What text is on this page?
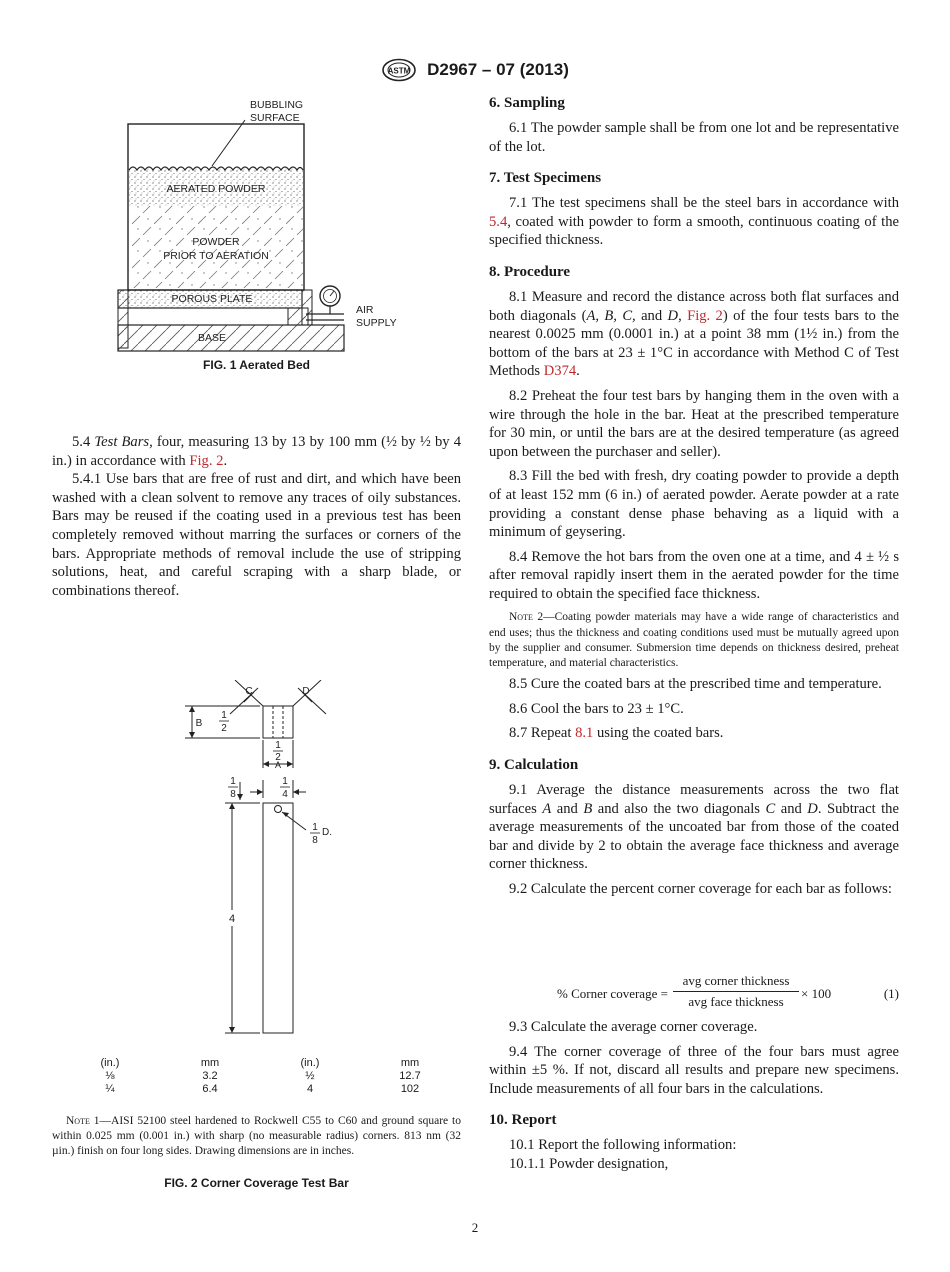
ASTM D2967 – 07 (2013)
BUBBLING
SURFACE
AERATED POWDER
POWDER
PRIOR TO AERATION
POROUS PLATE
AIR
SUPPLY
BASE
FIG. 1 Aerated Bed

5.4 Test Bars, four, measuring 13 by 13 by 100 mm (½ by ½ by 4 in.) in accordance with Fig. 2.

5.4.1 Use bars that are free of rust and dirt, and which have been washed with a clean solvent to remove any traces of oily substances. Bars may be reused if the coating used in a previous test has been completely removed without marring the surfaces or corners of the bars. Appropriate methods of removal include the use of stripping solutions, heat, and careful scraping with a sharp blade, or combinations thereof.

C	D
B
1
2
1
2
A
1
8
1
4
1
8
D.
4
(in.)	mm	(in.)	mm
⅛	3.2	½	12.7
¼	6.4	4	102
Note 1—AISI 52100 steel hardened to Rockwell C55 to C60 and ground square to within 0.025 mm (0.001 in.) with sharp (no measurable radius) corners. 813 nm (32 µin.) finish on four long sides. Drawing dimensions are in inches.
FIG. 2 Corner Coverage Test Bar
6. Sampling

6.1 The powder sample shall be from one lot and be representative of the lot.

7. Test Specimens

7.1 The test specimens shall be the steel bars in accordance with 5.4, coated with powder to form a smooth, continuous coating of the specified thickness.

8. Procedure

8.1 Measure and record the distance across both flat surfaces and both diagonals (A, B, C, and D, Fig. 2) of the four tests bars to the nearest 0.0025 mm (0.0001 in.) at a point 38 mm (1½ in.) from the bottom of the bars at 23 ± 1°C in accordance with Method C of Test Methods D374.

8.2 Preheat the four test bars by hanging them in the oven with a wire through the hole in the bar. Heat at the prescribed temperature for 30 min, or until the bars are at the desired temperature (as agreed upon between the purchaser and seller).

8.3 Fill the bed with fresh, dry coating powder to provide a depth of at least 152 mm (6 in.) of aerated powder. Aerate powder at a rate providing a constant dense phase behaving as a liquid with a minimum of geysering.

8.4 Remove the hot bars from the oven one at a time, and 4 ± ½ s after removal rapidly insert them in the aerated powder for the time required to obtain the specified face thickness.

Note 2—Coating powder materials may have a wide range of characteristics and end uses; thus the thickness and coating conditions used must be mutually agreed upon by the supplier and consumer. Submersion time depends on thickness desired, preheat temperature, and material characteristics.

8.5 Cure the coated bars at the prescribed time and temperature.

8.6 Cool the bars to 23 ± 1°C.

8.7 Repeat 8.1 using the coated bars.

9. Calculation

9.1 Average the distance measurements across the two flat surfaces A and B and also the two diagonals C and D. Subtract the average measurements of the uncoated bar from those of the coated bar and divide by 2 to obtain the average face thickness and average corner thickness.

9.2 Calculate the percent corner coverage for each bar as follows:

% Corner coverage =
avg corner thickness
avg face thickness
× 100	(1)

9.3 Calculate the average corner coverage.

9.4 The corner coverage of three of the four bars must agree within ±5 %. If not, discard all results and prepare new specimens. Include measurements of all four bars in the calculations.

10. Report

10.1 Report the following information:

10.1.1 Powder designation,

2
